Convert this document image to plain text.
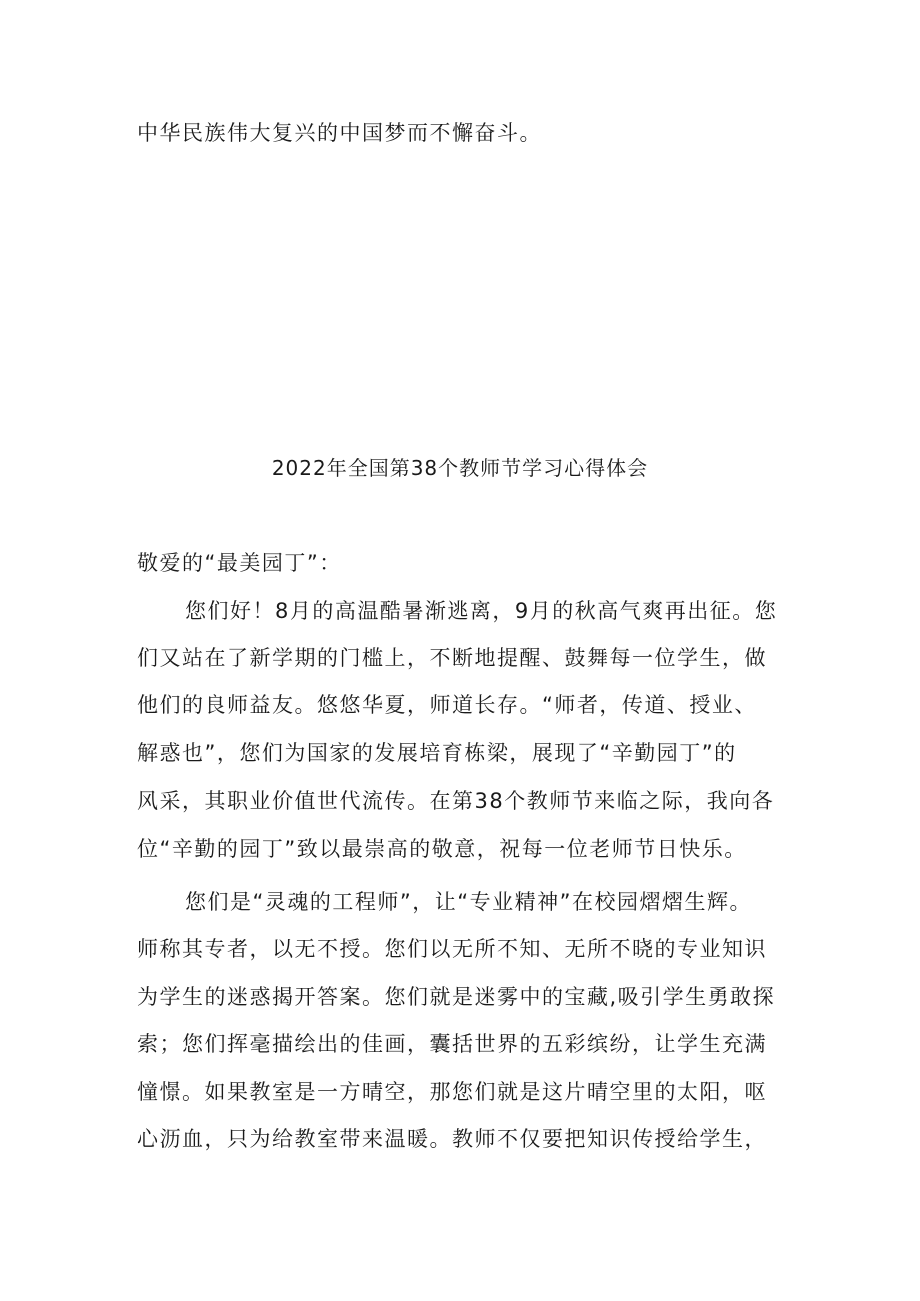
中华民族伟大复兴的中国梦而不懈奋斗。
2022年全国第38个教师节学习心得体会
敬爱的“最美园丁”：
您们好！8月的高温酷暑渐逃离，9月的秋高气爽再出征。您
们又站在了新学期的门槛上，不断地提醒、鼓舞每一位学生，做
他们的良师益友。悠悠华夏，师道长存。“师者，传道、授业、
解惑也”，您们为国家的发展培育栋梁，展现了“辛勤园丁”的
风采，其职业价值世代流传。在第38个教师节来临之际，我向各
位“辛勤的园丁”致以最崇高的敬意，祝每一位老师节日快乐。
您们是“灵魂的工程师”，让“专业精神”在校园熠熠生辉。
师称其专者，以无不授。您们以无所不知、无所不晓的专业知识
为学生的迷惑揭开答案。您们就是迷雾中的宝藏,吸引学生勇敢探
索；您们挥毫描绘出的佳画，囊括世界的五彩缤纷，让学生充满
憧憬。如果教室是一方晴空，那您们就是这片晴空里的太阳，呕
心沥血，只为给教室带来温暖。教师不仅要把知识传授给学生，
